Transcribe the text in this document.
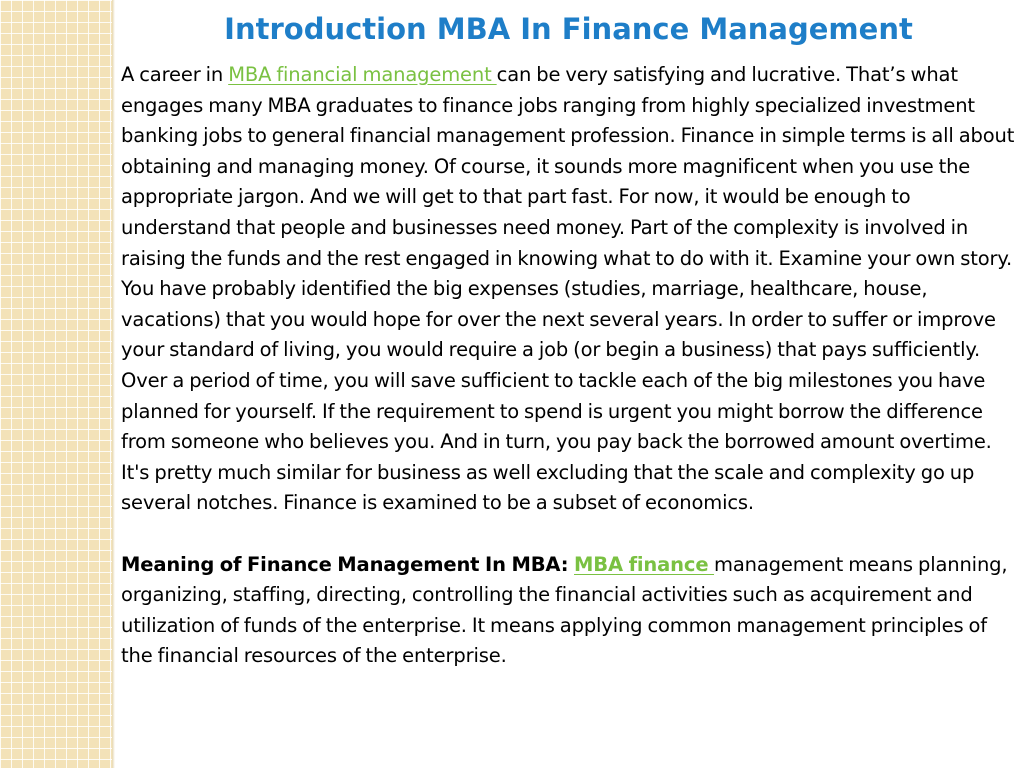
Introduction MBA In Finance Management

A career in MBA financial management can be very satisfying and lucrative. That’s what engages many MBA graduates to finance jobs ranging from highly specialized investment banking jobs to general financial management profession. Finance in simple terms is all about obtaining and managing money. Of course, it sounds more magnificent when you use the appropriate jargon. And we will get to that part fast. For now, it would be enough to understand that people and businesses need money. Part of the complexity is involved in raising the funds and the rest engaged in knowing what to do with it. Examine your own story. You have probably identified the big expenses (studies, marriage, healthcare, house, vacations) that you would hope for over the next several years. In order to suffer or improve your standard of living, you would require a job (or begin a business) that pays sufficiently. Over a period of time, you will save sufficient to tackle each of the big milestones you have planned for yourself. If the requirement to spend is urgent you might borrow the difference from someone who believes you. And in turn, you pay back the borrowed amount overtime. It's pretty much similar for business as well excluding that the scale and complexity go up several notches. Finance is examined to be a subset of economics.

Meaning of Finance Management In MBA: MBA finance management means planning, organizing, staffing, directing, controlling the financial activities such as acquirement and utilization of funds of the enterprise. It means applying common management principles of the financial resources of the enterprise.
